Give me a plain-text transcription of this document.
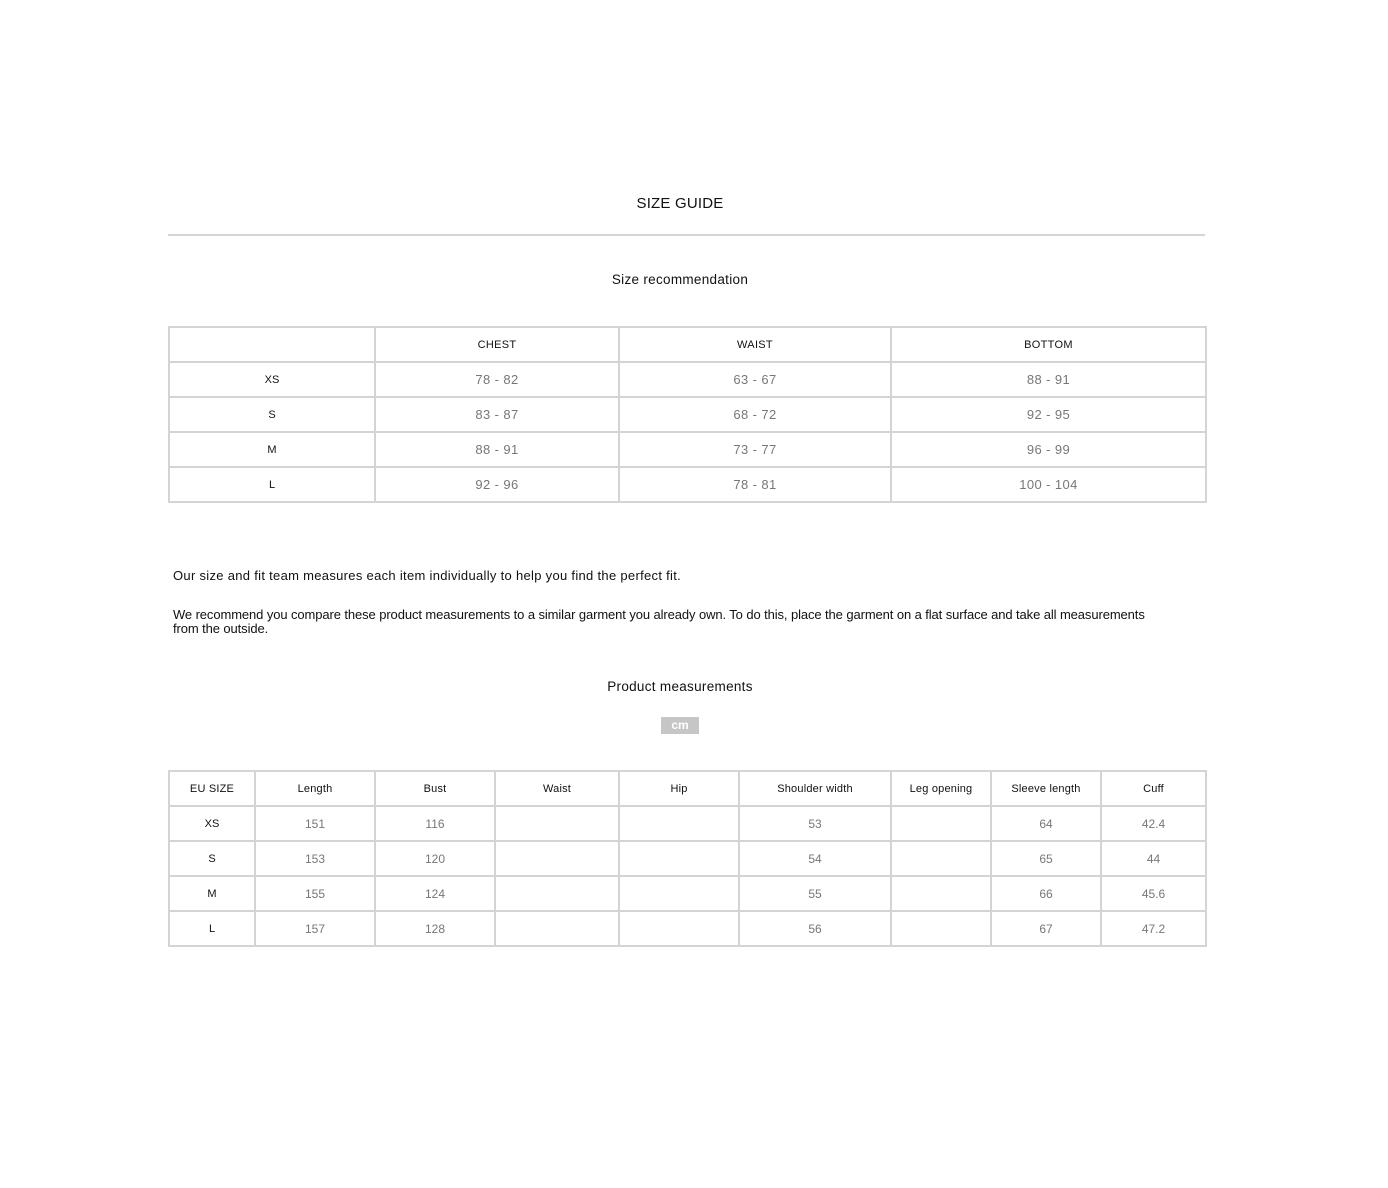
SIZE GUIDE
Size recommendation
	CHEST	WAIST	BOTTOM
XS	78 - 82	63 - 67	88 - 91
S	83 - 87	68 - 72	92 - 95
M	88 - 91	73 - 77	96 - 99
L	92 - 96	78 - 81	100 - 104
Our size and fit team measures each item individually to help you find the perfect fit.
We recommend you compare these product measurements to a similar garment you already own. To do this, place the garment on a flat surface and take all measurements from the outside.
Product measurements
cm
EU SIZE	Length	Bust	Waist	Hip	Shoulder width	Leg opening	Sleeve length	Cuff
XS	151	116			53		64	42.4
S	153	120			54		65	44
M	155	124			55		66	45.6
L	157	128			56		67	47.2
